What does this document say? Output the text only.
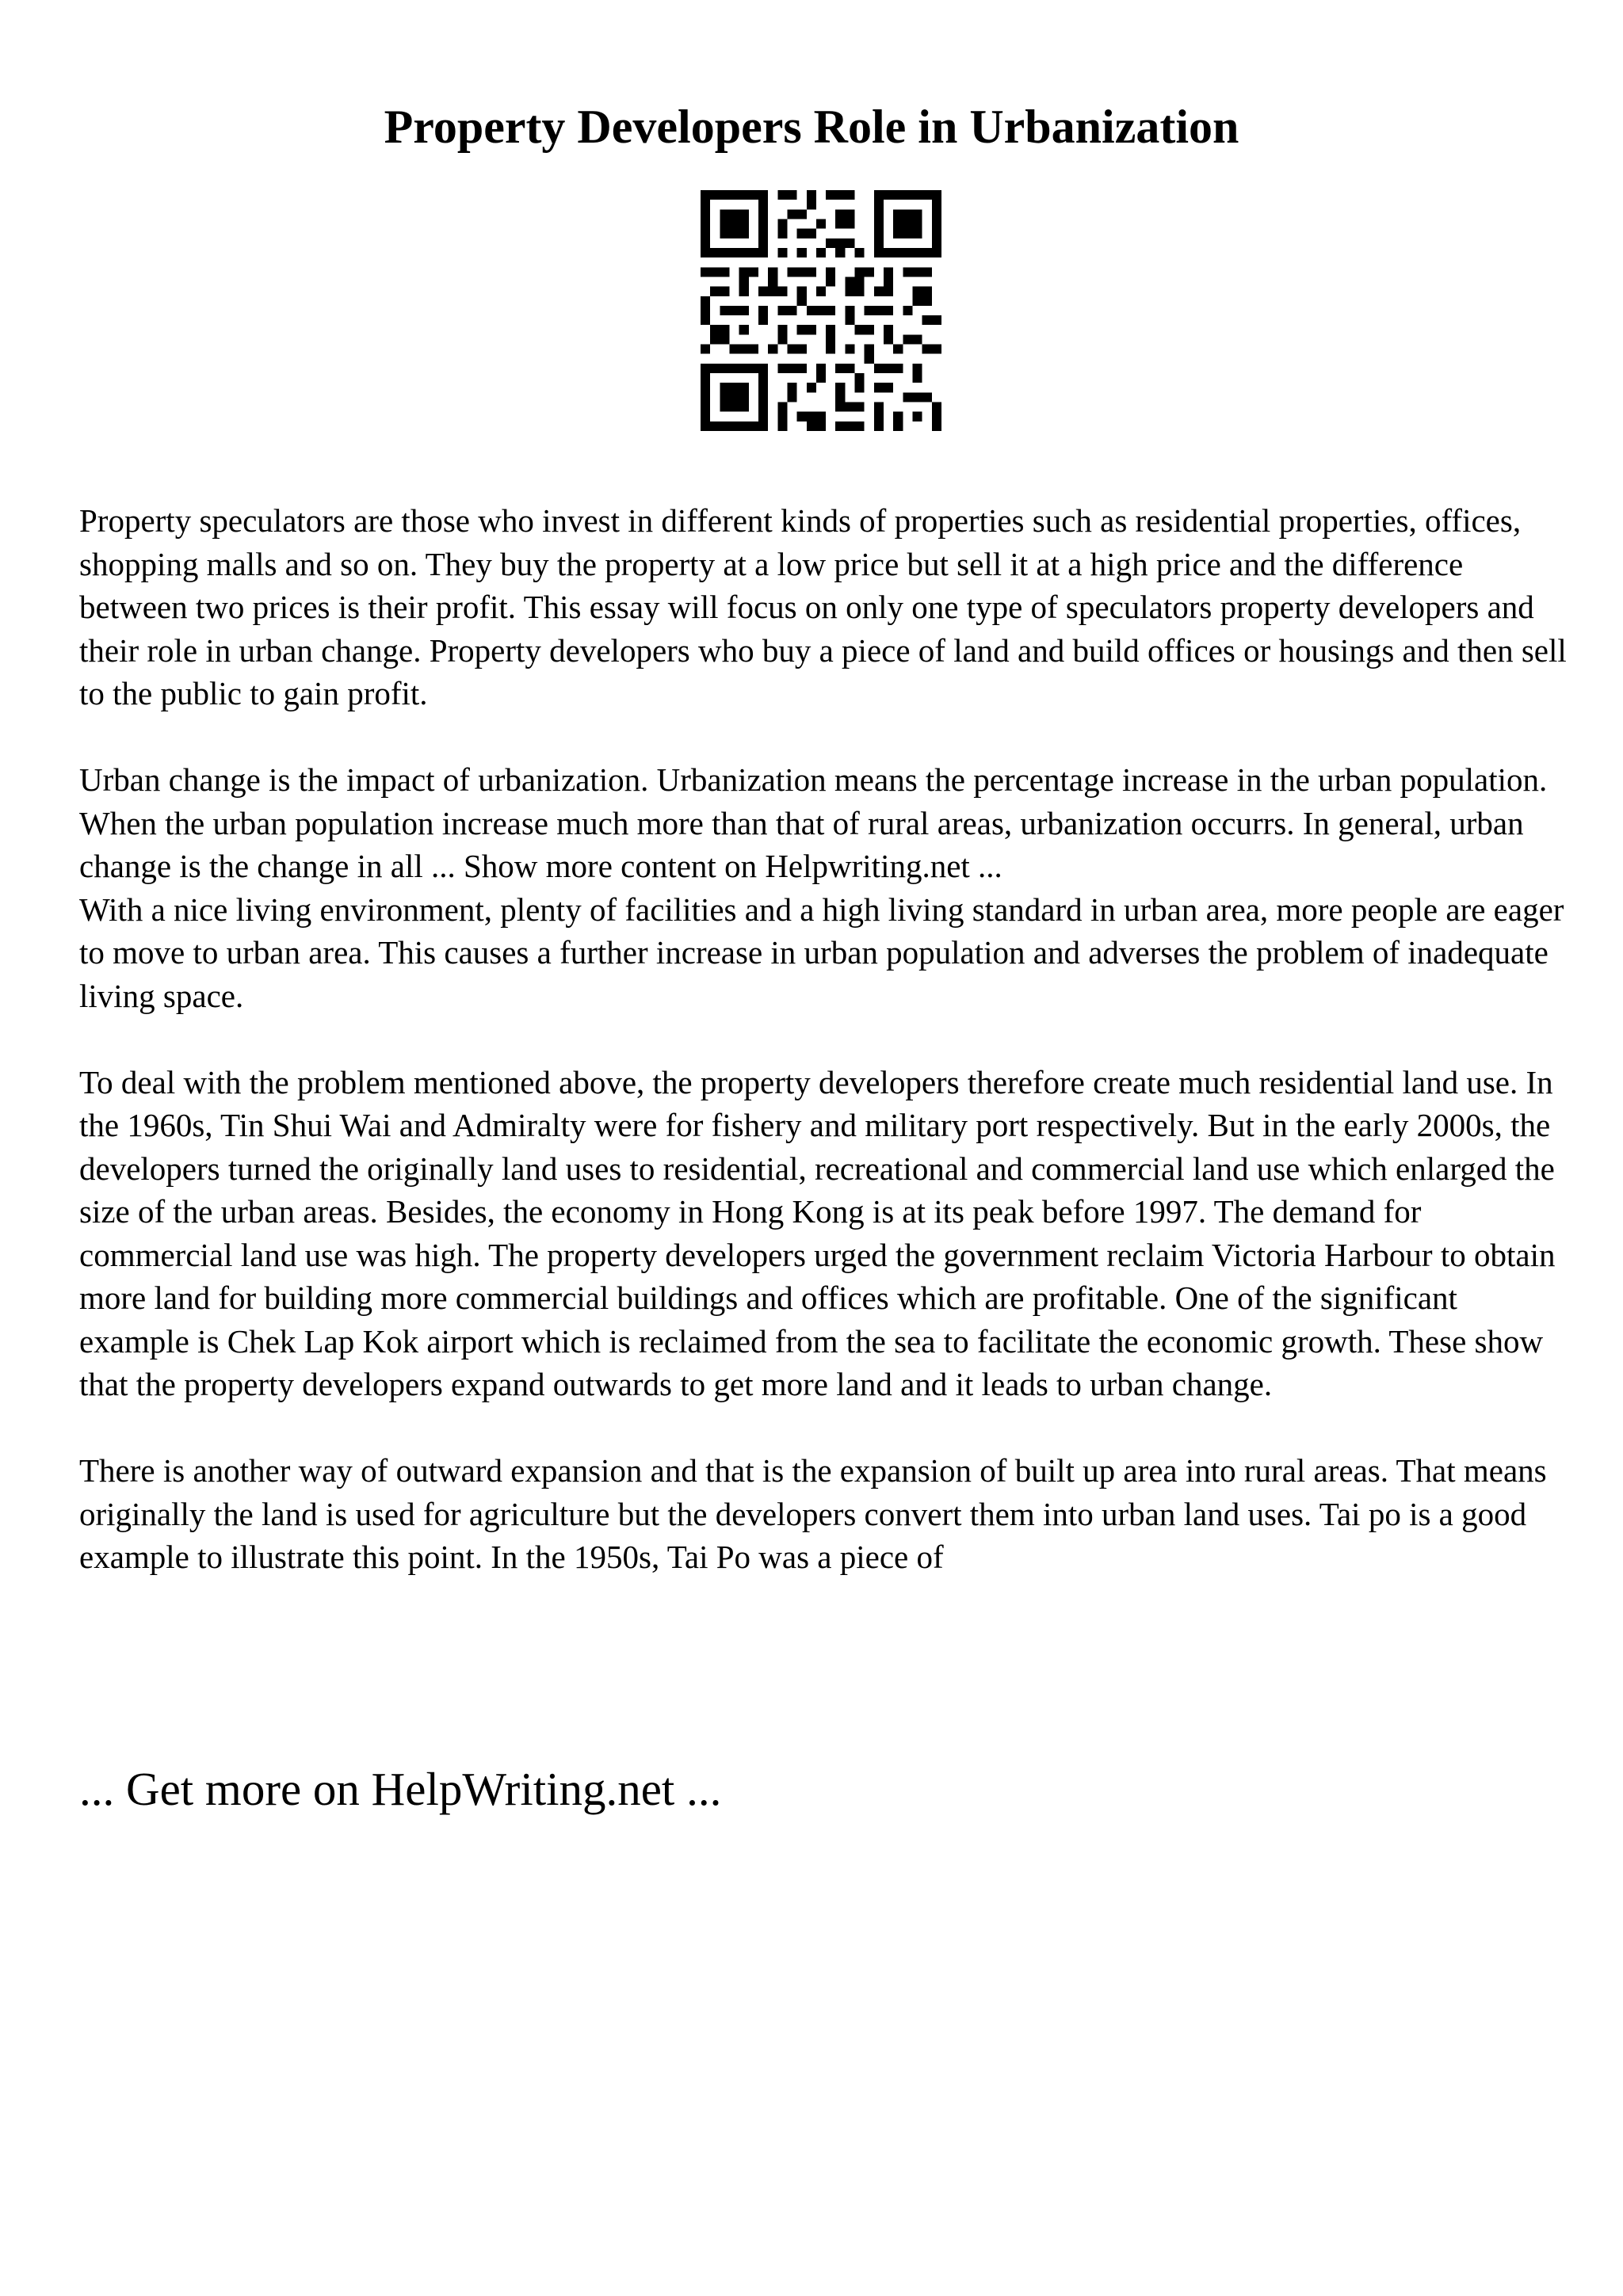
Property Developers Role in Urbanization

Property speculators are those who invest in different kinds of properties such as residential properties, offices, shopping malls and so on. They buy the property at a low price but sell it at a high price and the difference between two prices is their profit. This essay will focus on only one type of speculators property developers and their role in urban change. Property developers who buy a piece of land and build offices or housings and then sell to the public to gain profit.

Urban change is the impact of urbanization. Urbanization means the percentage increase in the urban population. When the urban population increase much more than that of rural areas, urbanization occurrs. In general, urban change is the change in all ... Show more content on Helpwriting.net ...

With a nice living environment, plenty of facilities and a high living standard in urban area, more people are eager to move to urban area. This causes a further increase in urban population and adverses the problem of inadequate living space.

To deal with the problem mentioned above, the property developers therefore create much residential land use. In the 1960s, Tin Shui Wai and Admiralty were for fishery and military port respectively. But in the early 2000s, the developers turned the originally land uses to residential, recreational and commercial land use which enlarged the size of the urban areas. Besides, the economy in Hong Kong is at its peak before 1997. The demand for commercial land use was high. The property developers urged the government reclaim Victoria Harbour to obtain more land for building more commercial buildings and offices which are profitable. One of the significant example is Chek Lap Kok airport which is reclaimed from the sea to facilitate the economic growth. These show that the property developers expand outwards to get more land and it leads to urban change.

There is another way of outward expansion and that is the expansion of built up area into rural areas. That means originally the land is used for agriculture but the developers convert them into urban land uses. Tai po is a good example to illustrate this point. In the 1950s, Tai Po was a piece of

... Get more on HelpWriting.net ...
